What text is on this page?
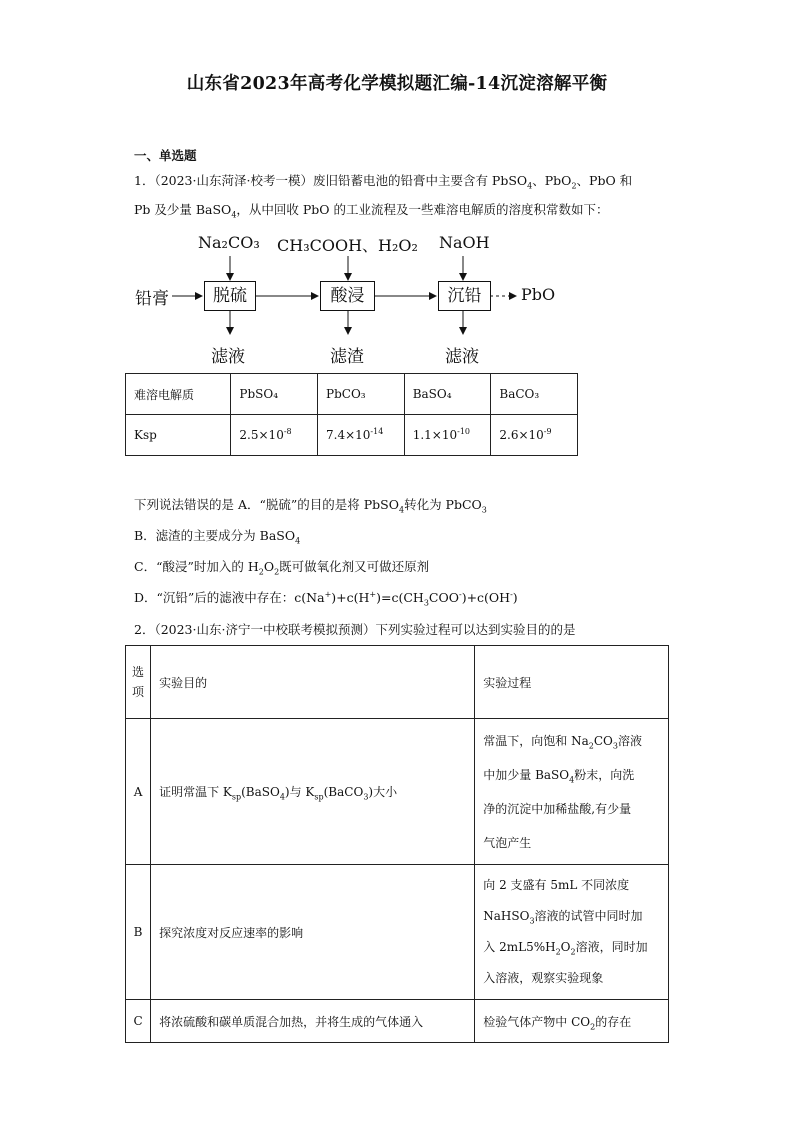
山东省2023年高考化学模拟题汇编-14沉淀溶解平衡
一、单选题
1．（2023·山东菏泽·校考一模）废旧铅蓄电池的铅膏中主要含有 PbSO$_4$、PbO$_2$、PbO 和
Pb 及少量 BaSO$_4$，从中回收 PbO 的工业流程及一些难溶电解质的溶度积常数如下：
铅膏	脱硫	酸浸	沉铅	PbO
Na₂CO₃ CH₃COOH、H₂O₂ NaOH
滤液	滤渣	滤液
难溶电解质	PbSO₄	PbCO₃	BaSO₄	BaCO₃
Ksp	$2.5\times 10^{-8}$	$7.4\times 10^{-14}$	$1.1\times 10^{-10}$	$2.6\times 10^{-9}$
下列说法错误的是 A．“脱硫”的目的是将 PbSO$_4$转化为 PbCO$_3$
B．滤渣的主要成分为 BaSO$_4$
C．“酸浸”时加入的 $H_2O_2$既可做氧化剂又可做还原剂
D．“沉铅”后的滤液中存在：$c(Na^+)+c(H^+)=c(CH_3COO^-)+c(OH^-)$
2．（2023·山东·济宁一中校联考模拟预测）下列实验过程可以达到实验目的的是
选项	实验目的	实验过程
A	证明常温下 $K_{sp}(BaSO_4)$与 $K_{sp}(BaCO_3)$大小	常温下，向饱和 $Na_2CO_3$溶液
中加少量 BaSO$_4$粉末，向洗
净的沉淀中加稀盐酸,有少量
气泡产生

B	探究浓度对反应速率的影响	向 2 支盛有 5mL 不同浓度
NaHSO$_3$溶液的试管中同时加
入 $2mL5\%H_2O_2$溶液，同时加
入溶液，观察实验现象

C	将浓硫酸和碳单质混合加热，并将生成的气体通入	检验气体产物中 $CO_2$的存在
